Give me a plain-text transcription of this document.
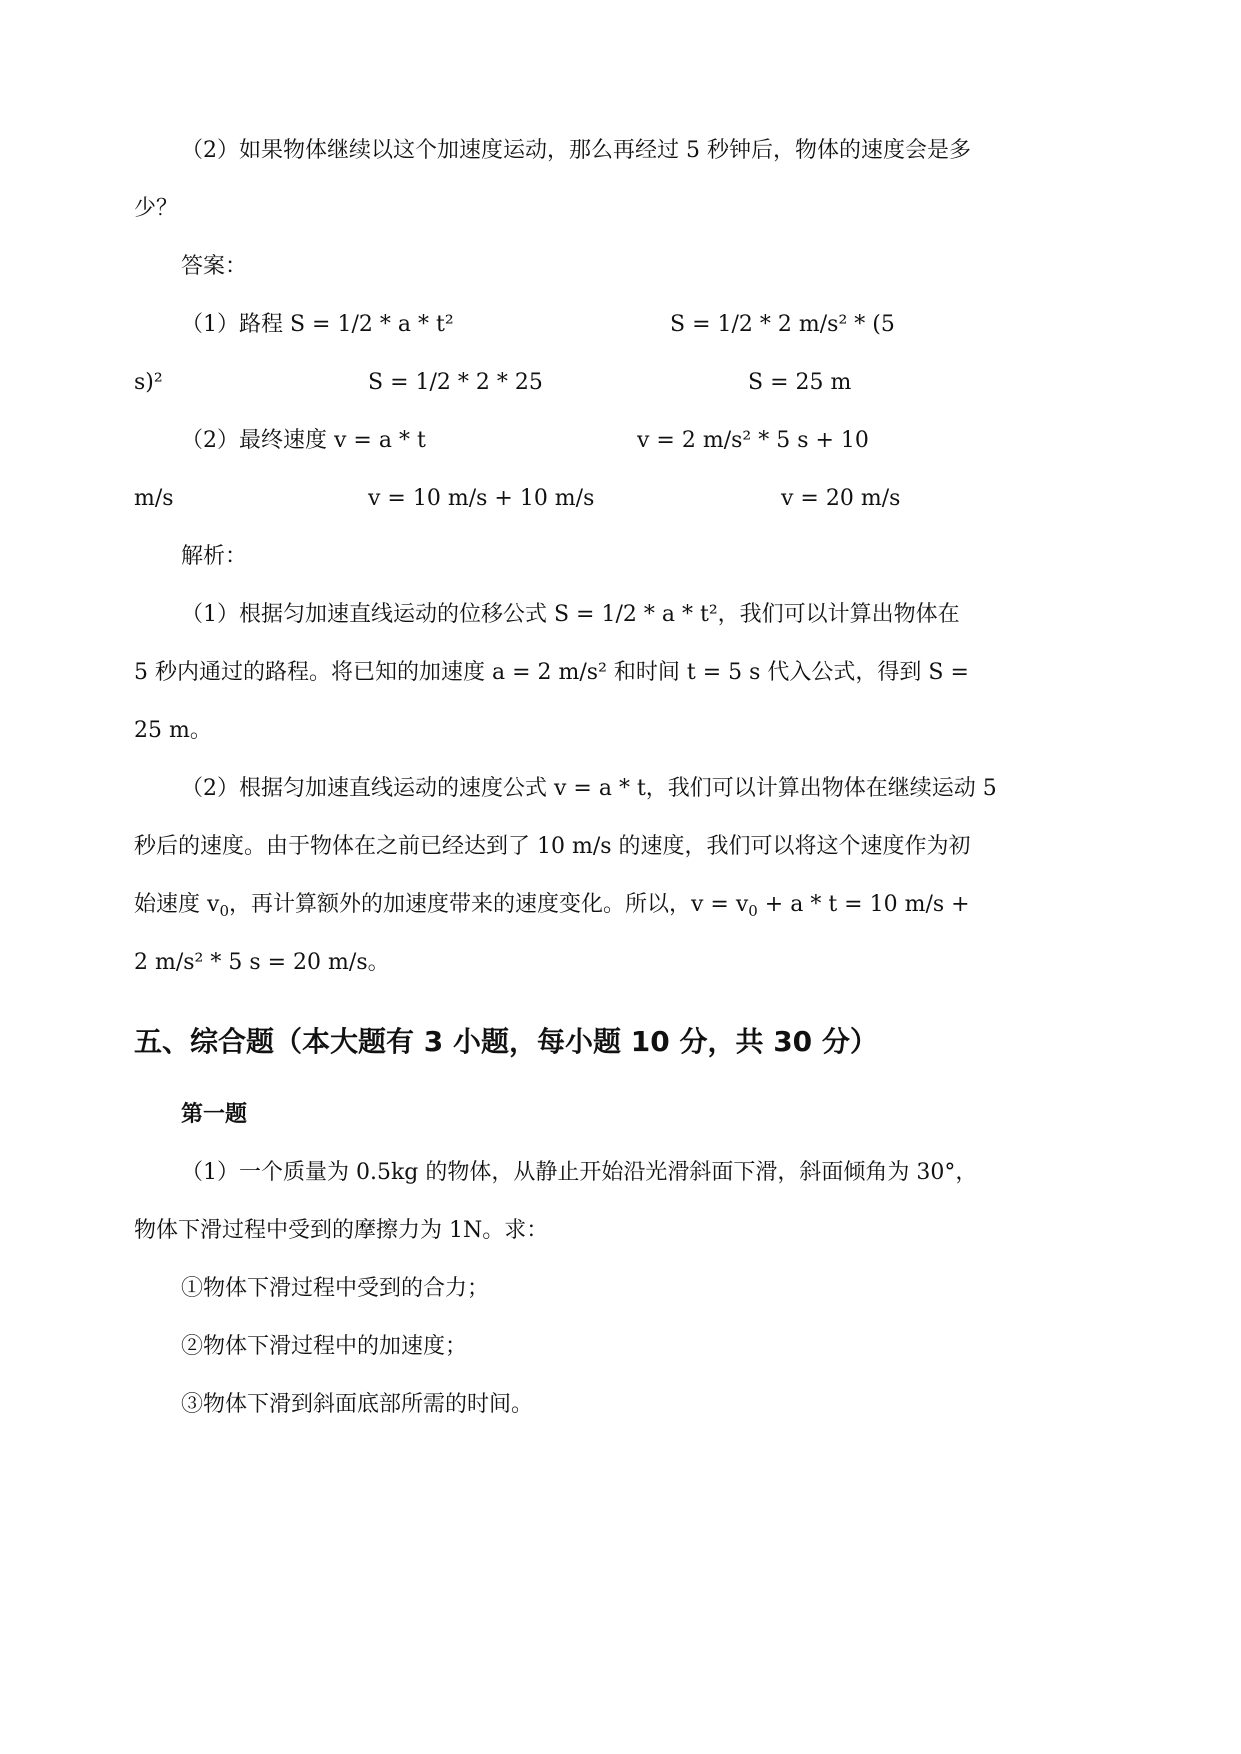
（2）如果物体继续以这个加速度运动，那么再经过 5 秒钟后，物体的速度会是多
少？
答案：
（1）路程 S = 1/2 * a * t²	S = 1/2 * 2 m/s² * (5
s)²	S = 1/2 * 2 * 25	S = 25 m
（2）最终速度 v = a * t	v = 2 m/s² * 5 s + 10
m/s	v = 10 m/s + 10 m/s	v = 20 m/s
解析：
（1）根据匀加速直线运动的位移公式 S = 1/2 * a * t²，我们可以计算出物体在
5 秒内通过的路程。将已知的加速度 a = 2 m/s² 和时间 t = 5 s 代入公式，得到 S =
25 m。
（2）根据匀加速直线运动的速度公式 v = a * t，我们可以计算出物体在继续运动 5
秒后的速度。由于物体在之前已经达到了 10 m/s 的速度，我们可以将这个速度作为初
始速度 $v_0$，再计算额外的加速度带来的速度变化。所以，$v = v_0 + a * t = 10$ m/s +
2 m/s² * 5 s = 20 m/s。
五、综合题（本大题有 3 小题，每小题 10 分，共 30 分）
第一题
（1）一个质量为 0.5kg 的物体，从静止开始沿光滑斜面下滑，斜面倾角为 30°，
物体下滑过程中受到的摩擦力为 1N。求：
①物体下滑过程中受到的合力；
②物体下滑过程中的加速度；
③物体下滑到斜面底部所需的时间。
